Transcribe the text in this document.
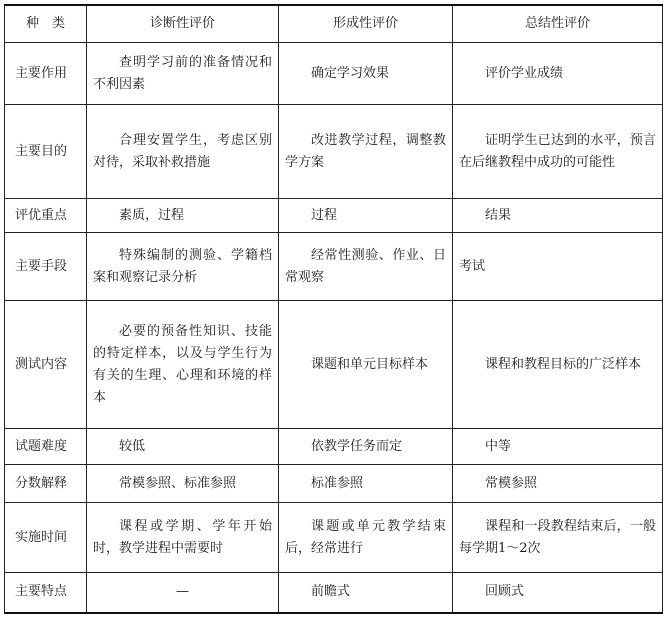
种　类	诊断性评价	形成性评价	总结性评价
主要作用	查明学习前的准备情况和不利因素	确定学习效果	评价学业成绩
主要目的	合理安置学生，考虑区别对待，采取补救措施	改进教学过程，调整教学方案	证明学生已达到的水平，预言在后继教程中成功的可能性
评优重点	素质，过程	过程	结果
主要手段	特殊编制的测验、学籍档案和观察记录分析	经常性测验、作业、日常观察	考试
测试内容	必要的预备性知识、技能的特定样本，以及与学生行为有关的生理、心理和环境的样本	课题和单元目标样本	课程和教程目标的广泛样本
试题难度	较低	依教学任务而定	中等
分数解释	常模参照、标准参照	标准参照	常模参照
实施时间	课程或学期、学年开始时，教学进程中需要时	课题或单元教学结束后，经常进行	课程和一段教程结束后，一般每学期1～2次
主要特点	—	前瞻式	回顾式
